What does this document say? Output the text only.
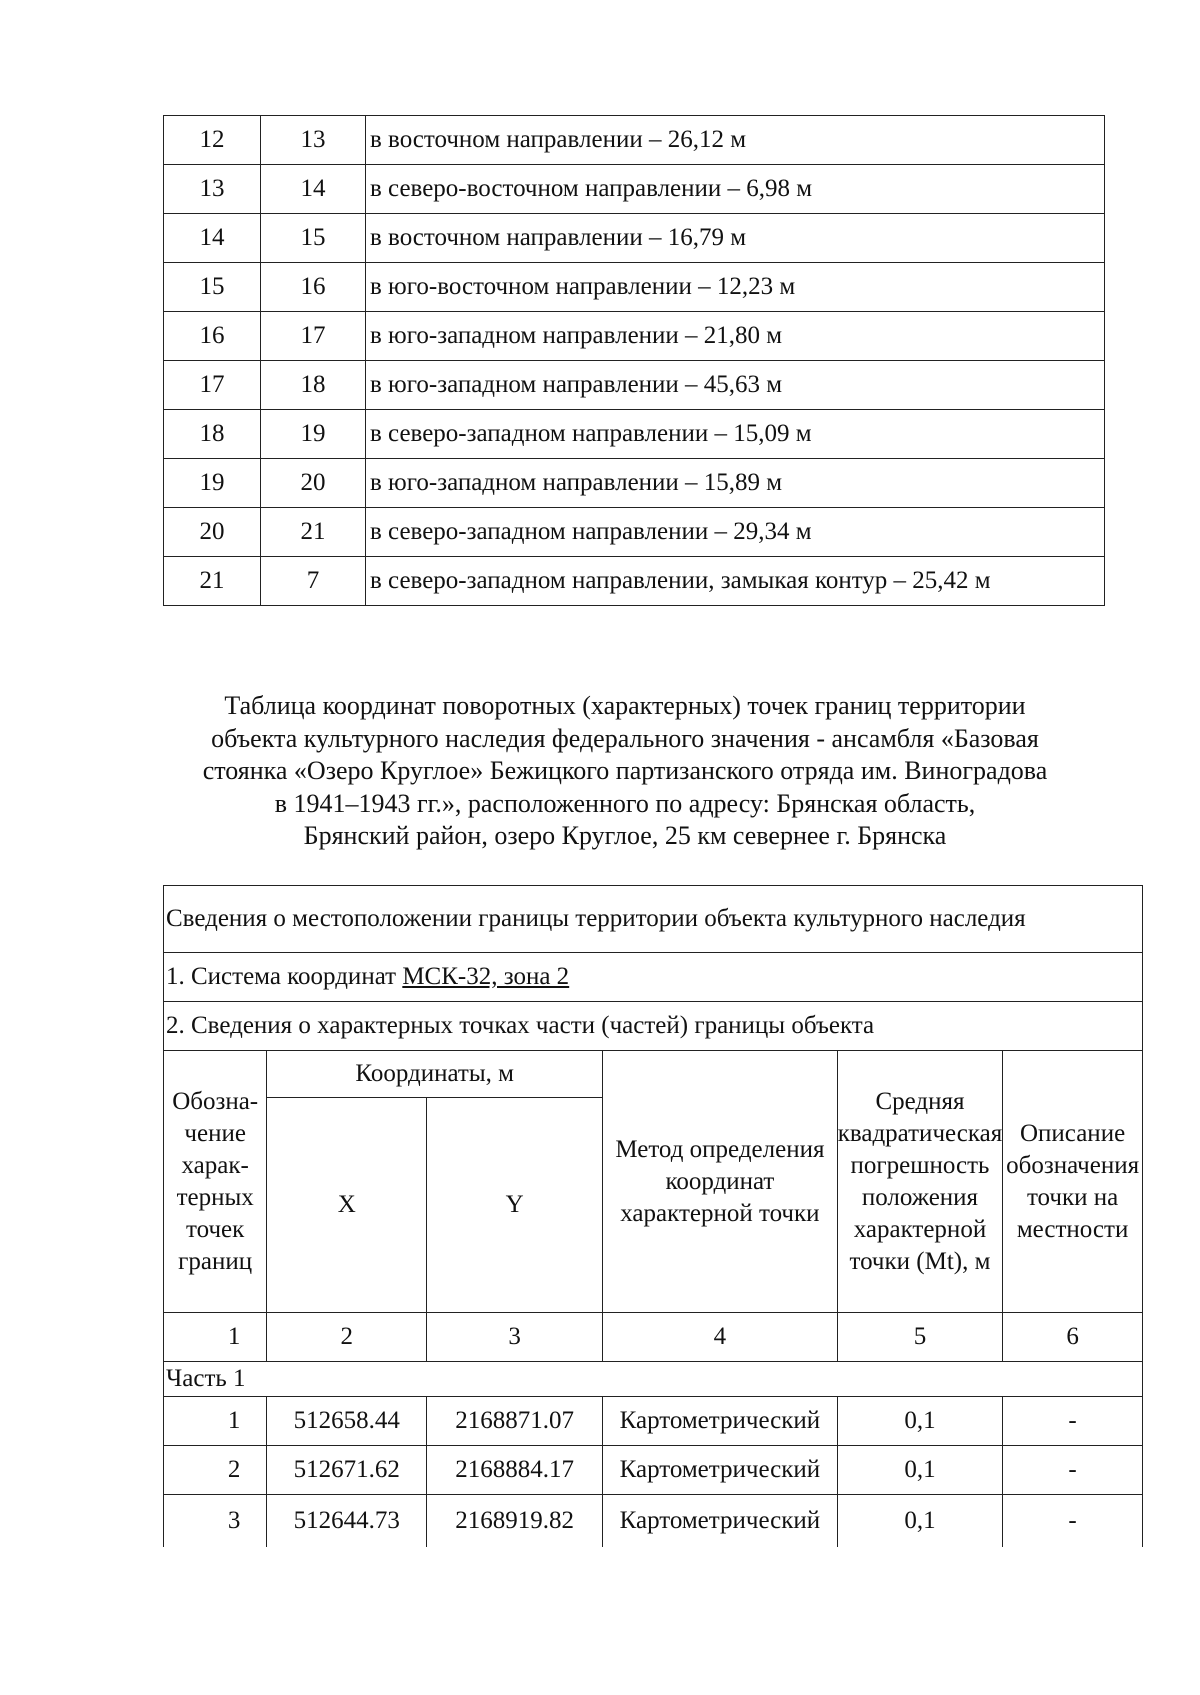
12	13	в восточном направлении – 26,12 м
13	14	в северо-восточном направлении – 6,98 м
14	15	в восточном направлении – 16,79 м
15	16	в юго-восточном направлении – 12,23 м
16	17	в юго-западном направлении – 21,80 м
17	18	в юго-западном направлении – 45,63 м
18	19	в северо-западном направлении – 15,09 м
19	20	в юго-западном направлении – 15,89 м
20	21	в северо-западном направлении – 29,34 м
21	7	в северо-западном направлении, замыкая контур – 25,42 м
Таблица координат поворотных (характерных) точек границ территории
объекта культурного наследия федерального значения - ансамбля «Базовая
стоянка «Озеро Круглое» Бежицкого партизанского отряда им. Виноградова
в 1941–1943 гг.», расположенного по адресу: Брянская область,
Брянский район, озеро Круглое, 25 км севернее г. Брянска
Сведения о местоположении границы территории объекта культурного наследия					
1. Система координат МСК-32, зона 2					
2. Сведения о характерных точках части (частей) границы объекта					
Обозна-чение харак-терных точек границ	Координаты, м		Метод определения координат характерной точки	Средняя квадратическая погрешность положения характерной точки (Mt), м	Описание обозначения точки на местности
	X	Y			
1	2	3	4	5	6
Часть 1					
1	512658.44	2168871.07	Картометрический	0,1	-
2	512671.62	2168884.17	Картометрический	0,1	-
3	512644.73	2168919.82	Картометрический	0,1	-
